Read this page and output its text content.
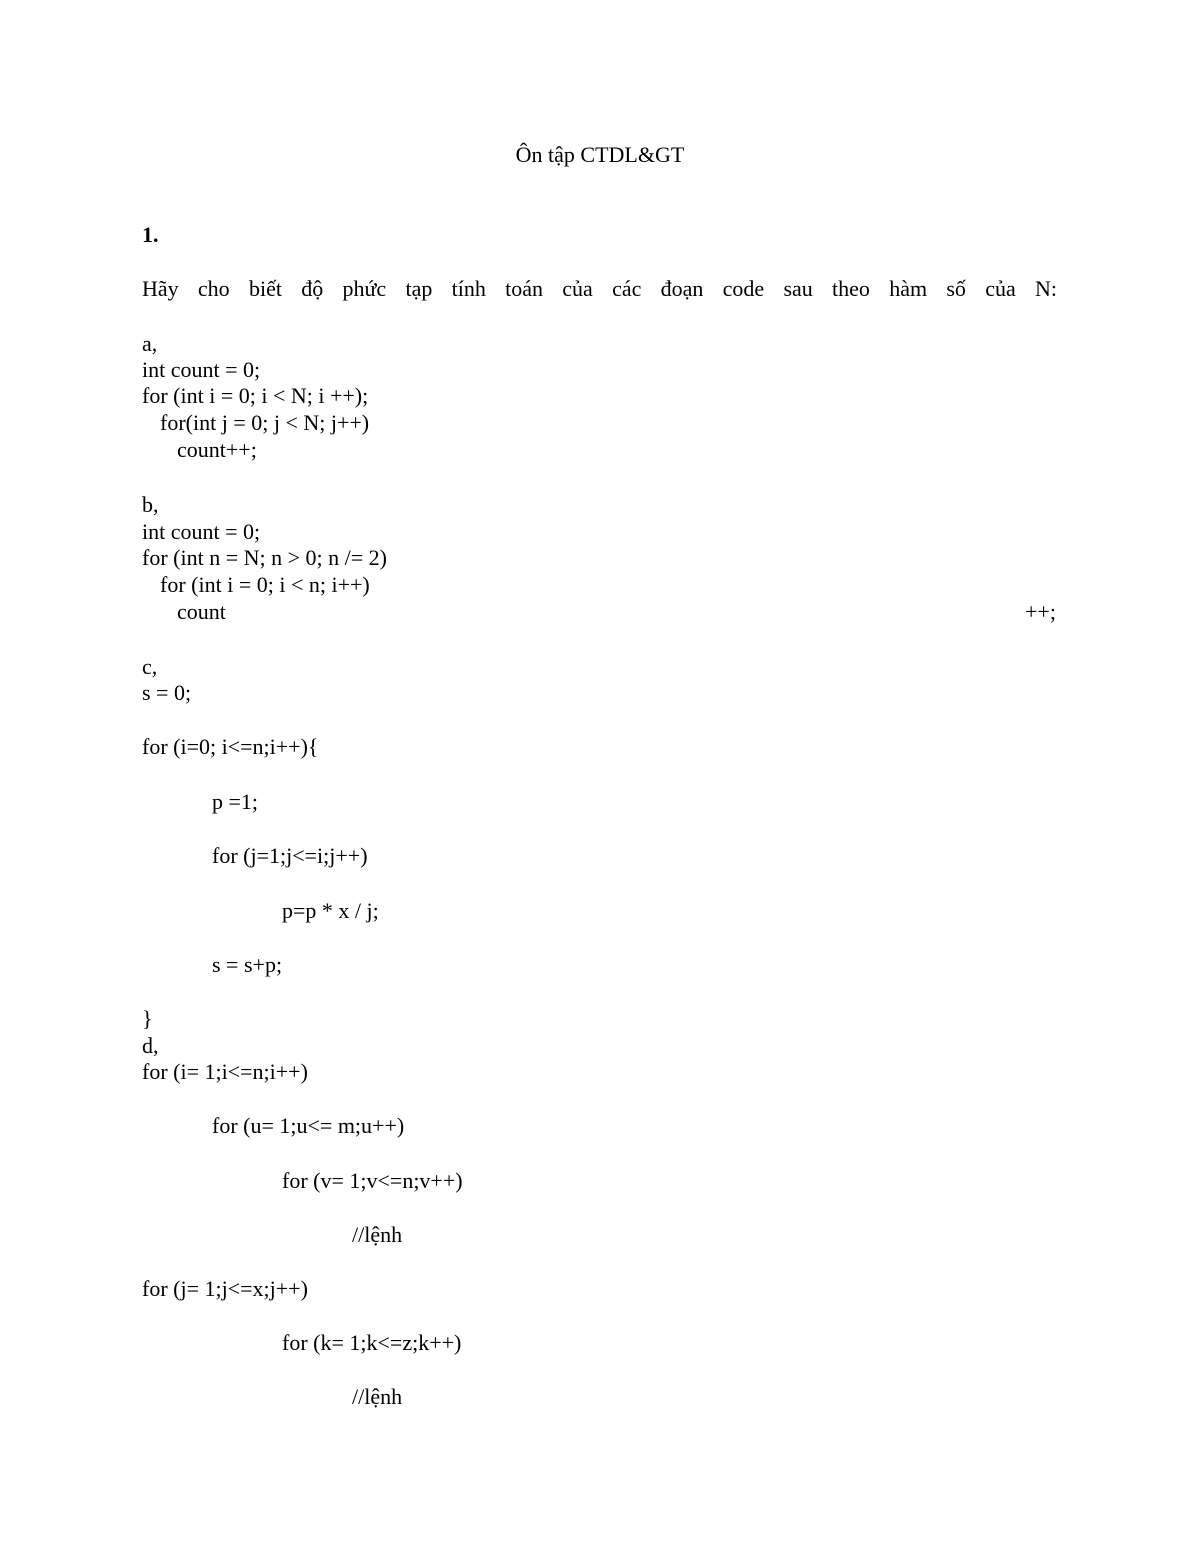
Ôn tập CTDL&GT
1.
Hãy cho biết độ phức tạp tính toán của các đoạn code sau theo hàm số của N:
a,
int count = 0;
for (int i = 0; i < N; i ++);
for(int j = 0; j < N; j++)
count++;
b,
int count = 0;
for (int n = N; n > 0; n /= 2)
for (int i = 0; i < n; i++)
count	++;
c,
s = 0;
for (i=0; i<=n;i++){
p =1;
for (j=1;j<=i;j++)
p=p * x / j;
s = s+p;
}
d,
for (i= 1;i<=n;i++)
for (u= 1;u<= m;u++)
for (v= 1;v<=n;v++)
//lệnh
for (j= 1;j<=x;j++)
for (k= 1;k<=z;k++)
//lệnh
